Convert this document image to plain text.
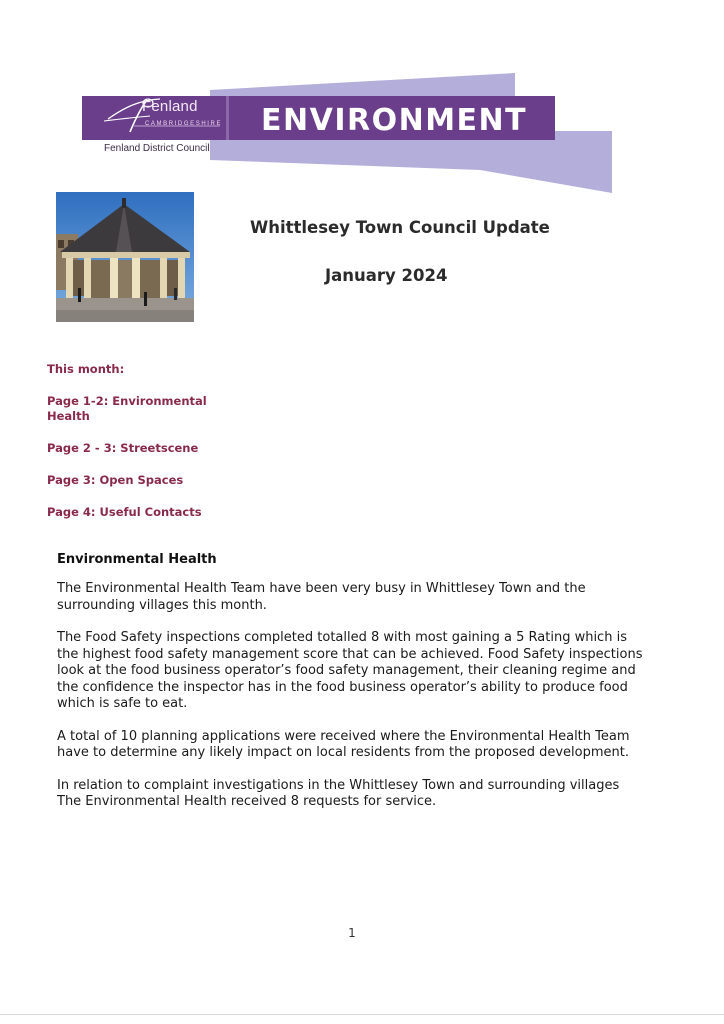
Fenland
CAMBRIDGESHIRE
Fenland District Council
ENVIRONMENT
Whittlesey Town Council Update
January 2024
This month:
Page 1-2: Environmental Health
Page 2 - 3: Streetscene
Page 3: Open Spaces
Page 4: Useful Contacts
Environmental Health

The Environmental Health Team have been very busy in Whittlesey Town and the surrounding villages this month.

The Food Safety inspections completed totalled 8 with most gaining a 5 Rating which is the highest food safety management score that can be achieved. Food Safety inspections look at the food business operator’s food safety management, their cleaning regime and the confidence the inspector has in the food business operator’s ability to produce food which is safe to eat.

A total of 10 planning applications were received where the Environmental Health Team have to determine any likely impact on local residents from the proposed development.

In relation to complaint investigations in the Whittlesey Town and surrounding villages The Environmental Health received 8 requests for service.

1
